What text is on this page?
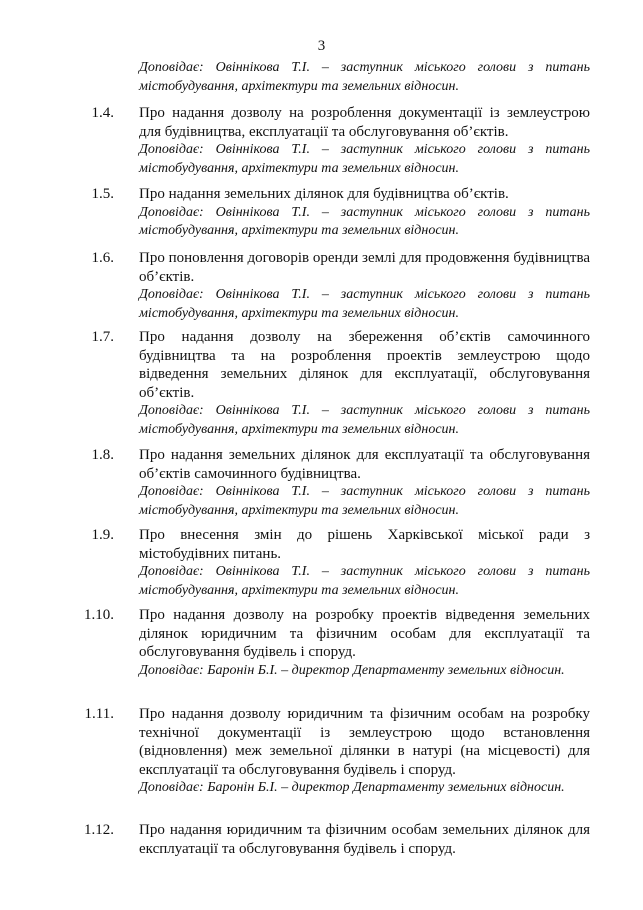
3
Доповідає: Овіннікова Т.І. – заступник міського голови з питань містобудування, архітектури та земельних відносин.
1.4. Про надання дозволу на розроблення документації із землеустрою для будівництва, експлуатації та обслуговування об’єктів.
Доповідає: Овіннікова Т.І. – заступник міського голови з питань містобудування, архітектури та земельних відносин.
1.5. Про надання земельних ділянок для будівництва об’єктів.
Доповідає: Овіннікова Т.І. – заступник міського голови з питань містобудування, архітектури та земельних відносин.
1.6. Про поновлення договорів оренди землі для продовження будівництва об’єктів.
Доповідає: Овіннікова Т.І. – заступник міського голови з питань містобудування, архітектури та земельних відносин.
1.7. Про надання дозволу на збереження об’єктів самочинного будівництва та на розроблення проектів землеустрою щодо відведення земельних ділянок для експлуатації, обслуговування об’єктів.
Доповідає: Овіннікова Т.І. – заступник міського голови з питань містобудування, архітектури та земельних відносин.
1.8. Про надання земельних ділянок для експлуатації та обслуговування об’єктів самочинного будівництва.
Доповідає: Овіннікова Т.І. – заступник міського голови з питань містобудування, архітектури та земельних відносин.
1.9. Про внесення змін до рішень Харківської міської ради з містобудівних питань.
Доповідає: Овіннікова Т.І. – заступник міського голови з питань містобудування, архітектури та земельних відносин.
1.10. Про надання дозволу на розробку проектів відведення земельних ділянок юридичним та фізичним особам для експлуатації та обслуговування будівель і споруд.
Доповідає: Баронін Б.І. – директор Департаменту земельних відносин.
1.11. Про надання дозволу юридичним та фізичним особам на розробку технічної документації із землеустрою щодо встановлення (відновлення) меж земельної ділянки в натурі (на місцевості) для експлуатації та обслуговування будівель і споруд.
Доповідає: Баронін Б.І. – директор Департаменту земельних відносин.
1.12. Про надання юридичним та фізичним особам земельних ділянок для експлуатації та обслуговування будівель і споруд.
